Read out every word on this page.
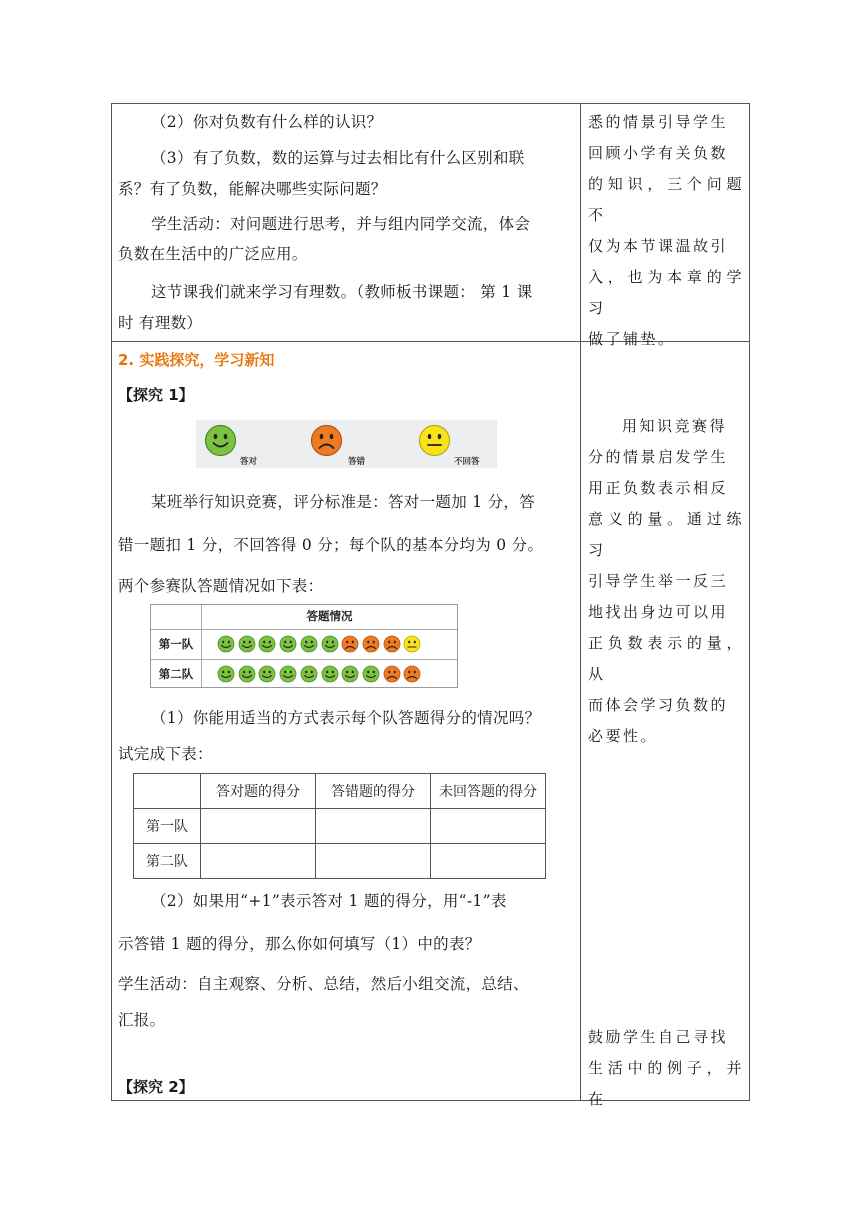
（2）你对负数有什么样的认识？
（3）有了负数，数的运算与过去相比有什么区别和联
系？有了负数，能解决哪些实际问题？
学生活动：对问题进行思考，并与组内同学交流，体会
负数在生活中的广泛应用。
这节课我们就来学习有理数。（教师板书课题： 第 1 课
时 有理数）
悉的情景引导学生
回顾小学有关负数
的知识，三个问题不
仅为本节课温故引
入，也为本章的学习
做了铺垫。
2. 实践探究，学习新知
【探究 1】
答对	答错	不回答
某班举行知识竞赛，评分标准是：答对一题加 1 分，答
错一题扣 1 分，不回答得 0 分；每个队的基本分均为 0 分。
两个参赛队答题情况如下表：
答题情况
第一队
第二队
（1）你能用适当的方式表示每个队答题得分的情况吗？
试完成下表：
	答对题的得分	答错题的得分	未回答题的得分
第一队			
第二队			
（2）如果用“+1”表示答对 1 题的得分，用“-1”表
示答错 1 题的得分，那么你如何填写（1）中的表？
学生活动：自主观察、分析、总结，然后小组交流，总结、
汇报。
【探究 2】
用知识竞赛得
分的情景启发学生
用正负数表示相反
意义的量。通过练习
引导学生举一反三
地找出身边可以用
正负数表示的量，从
而体会学习负数的
必要性。
鼓励学生自己寻找
生活中的例子，并在
